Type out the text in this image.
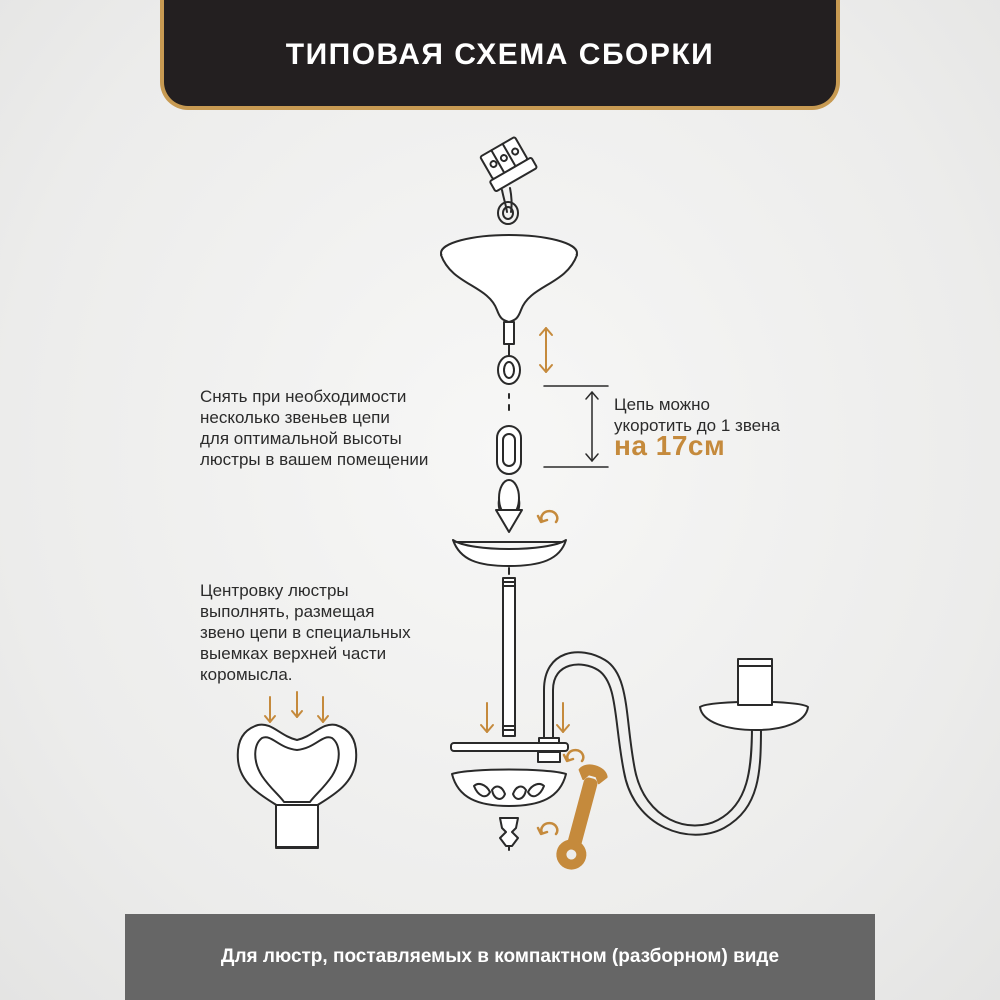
ТИПОВАЯ СХЕМА СБОРКИ
Снять при необходимости
несколько звеньев цепи
для оптимальной высоты
люстры в вашем помещении
Центровку люстры
выполнять, размещая
звено цепи в специальных
выемках верхней части
коромысла.
Цепь можно
укоротить до 1 звена
на 17см
Для люстр, поставляемых в компактном (разборном) виде
